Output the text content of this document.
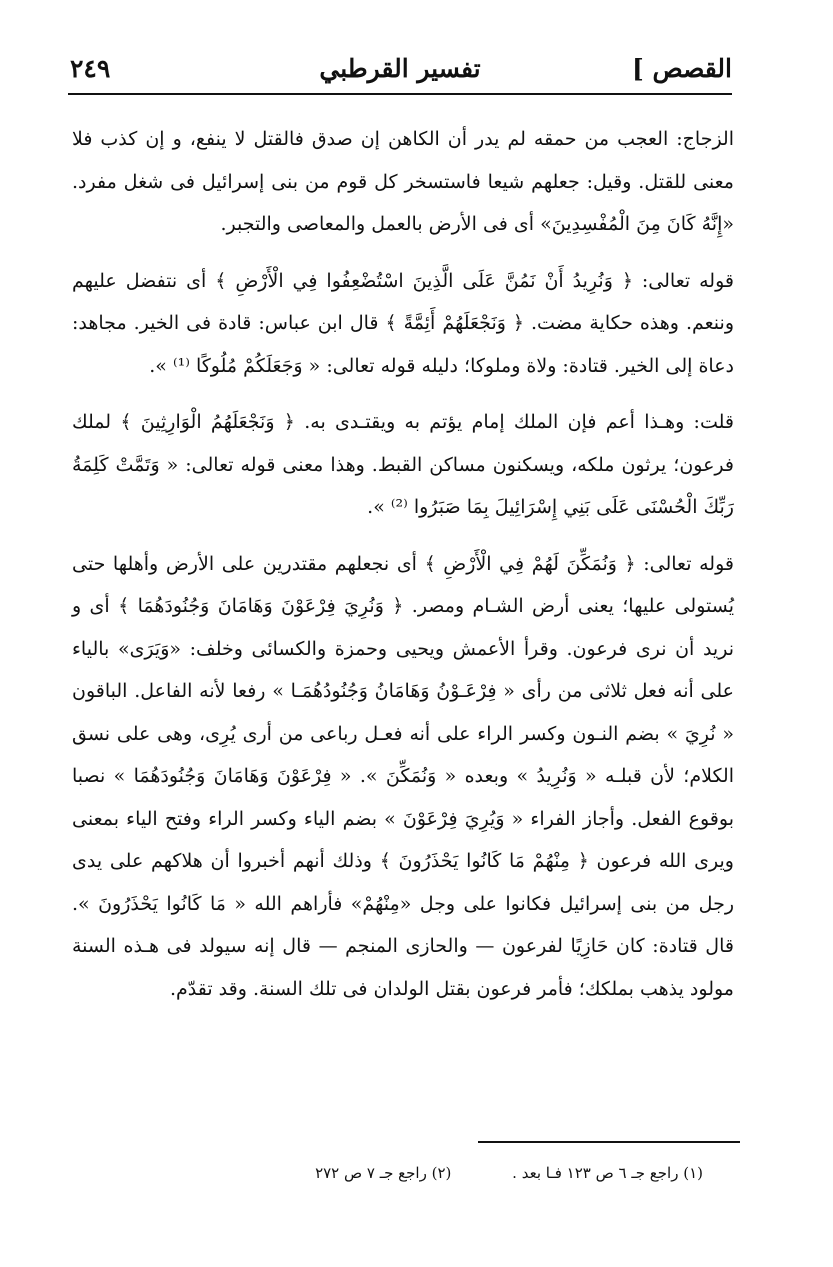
القصص ]
تفسير القرطبي
٢٤٩

الزجاج: العجب من حمقه لم يدر أن الكاهن إن صدق فالقتل لا ينفع، و إن كذب فلا معنى للقتل. وقيل: جعلهم شيعا فاستسخر كل قوم من بنى إسرائيل فى شغل مفرد. «إِنَّهُ كَانَ مِنَ الْمُفْسِدِينَ» أى فى الأرض بالعمل والمعاصى والتجبر.

قوله تعالى: ﴿ وَنُرِيدُ أَنْ نَمُنَّ عَلَى الَّذِينَ اسْتُضْعِفُوا فِي الْأَرْضِ ﴾ أى نتفضل عليهم وننعم. وهذه حكاية مضت. ﴿ وَنَجْعَلَهُمْ أَئِمَّةً ﴾ قال ابن عباس: قادة فى الخير. مجاهد: دعاة إلى الخير. قتادة: ولاة وملوكا؛ دليله قوله تعالى: « وَجَعَلَكُمْ مُلُوكًا ⁽¹⁾ ».

قلت: وهـذا أعم فإن الملك إمام يؤتم به ويقتـدى به. ﴿ وَنَجْعَلَهُمُ الْوَارِثِينَ ﴾ لملك فرعون؛ يرثون ملكه، ويسكنون مساكن القبط. وهذا معنى قوله تعالى: « وَتَمَّتْ كَلِمَةُ رَبِّكَ الْحُسْنَى عَلَى بَنِي إِسْرَائِيلَ بِمَا صَبَرُوا ⁽²⁾ ».

قوله تعالى: ﴿ وَنُمَكِّنَ لَهُمْ فِي الْأَرْضِ ﴾ أى نجعلهم مقتدرين على الأرض وأهلها حتى يُستولى عليها؛ يعنى أرض الشـام ومصر. ﴿ وَنُرِيَ فِرْعَوْنَ وَهَامَانَ وَجُنُودَهُمَا ﴾ أى و نريد أن نرى فرعون. وقرأ الأعمش ويحيى وحمزة والكسائى وخلف: «وَيَرَى» بالياء على أنه فعل ثلاثى من رأى « فِرْعَـوْنُ وَهَامَانُ وَجُنُودُهُمَـا » رفعا لأنه الفاعل. الباقون « نُرِيَ » بضم النـون وكسر الراء على أنه فعـل رباعى من أرى يُرِى، وهى على نسق الكلام؛ لأن قبلـه « وَنُرِيدُ » وبعده « وَنُمَكِّنَ ». « فِرْعَوْنَ وَهَامَانَ وَجُنُودَهُمَا » نصبا بوقوع الفعل. وأجاز الفراء « وَيُرِيَ فِرْعَوْنَ » بضم الياء وكسر الراء وفتح الياء بمعنى ويرى الله فرعون ﴿ مِنْهُمْ مَا كَانُوا يَحْذَرُونَ ﴾ وذلك أنهم أخبروا أن هلاكهم على يدى رجل من بنى إسرائيل فكانوا على وجل «مِنْهُمْ» فأراهم الله « مَا كَانُوا يَحْذَرُونَ ». قال قتادة: كان حَازِيًا لفرعون — والحازى المنجم — قال إنه سيولد فى هـذه السنة مولود يذهب بملكك؛ فأمر فرعون بقتل الولدان فى تلك السنة. وقد تقدّم.

(١) راجع جـ ٦ ص ١٢٣ فـا بعد . (٢) راجع جـ ٧ ص ٢٧٢
